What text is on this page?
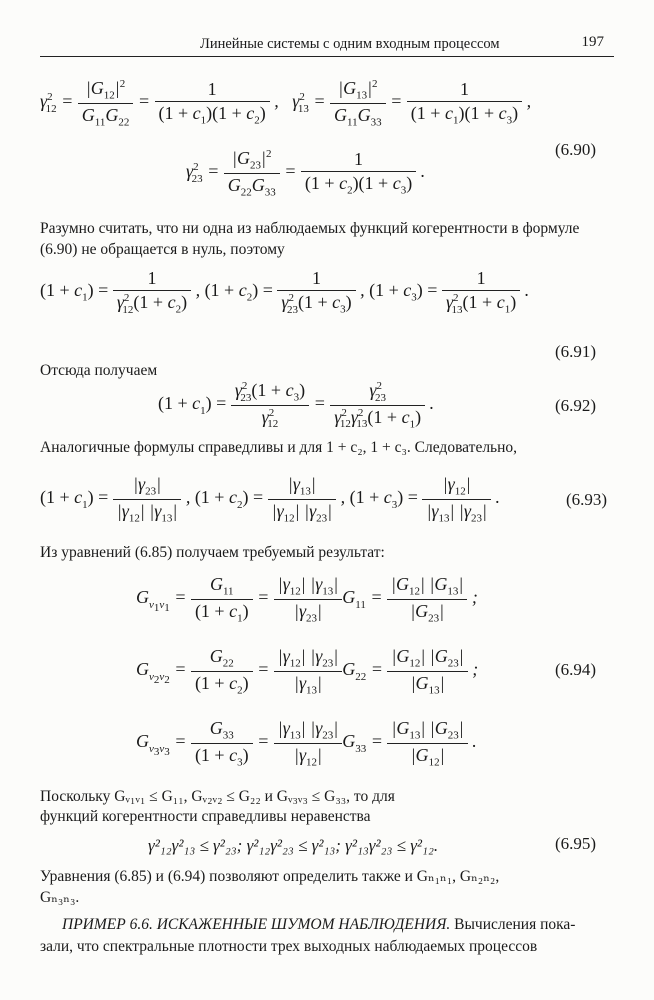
Линейные системы с одним входным процессом	197
$\gamma^2_{12} = \frac{|G_{12}|^2}{G_{11}G_{22}} = \frac{1}{(1 + c_1)(1 + c_2)}$ ,   $\gamma^2_{13} = \frac{|G_{13}|^2}{G_{11}G_{33}} = \frac{1}{(1 + c_1)(1 + c_3)}$ ,
$\gamma^2_{23} = \frac{|G_{23}|^2}{G_{22}G_{33}} = \frac{1}{(1 + c_2)(1 + c_3)}$ .
(6.90)
Разумно считать, что ни одна из наблюдаемых функций когерентности в формуле (6.90) не обращается в нуль, поэтому
$(1 + c_1) = \frac{1}{\gamma^2_{12}(1 + c_2)}$ , $(1 + c_2) = \frac{1}{\gamma^2_{23}(1 + c_3)}$ , $(1 + c_3) = \frac{1}{\gamma^2_{13}(1 + c_1)}$ .
(6.91)
Отсюда получаем
$(1 + c_1) = \frac{\gamma^2_{23}(1 + c_3)}{\gamma^2_{12}} = \frac{\gamma^2_{23}}{\gamma^2_{12}\gamma^2_{13}(1 + c_1)}$ .	(6.92)
Аналогичные формулы справедливы и для 1 + c₂, 1 + c₃. Следовательно,
$(1 + c_1) = \frac{|\gamma_{23}|}{|\gamma_{12}| |\gamma_{13}|}$ , $(1 + c_2) = \frac{|\gamma_{13}|}{|\gamma_{12}| |\gamma_{23}|}$ , $(1 + c_3) = \frac{|\gamma_{12}|}{|\gamma_{13}| |\gamma_{23}|}$ .	(6.93)
Из уравнений (6.85) получаем требуемый результат:
$G_{v_1v_1} = \frac{G_{11}}{(1 + c_1)} = \frac{|\gamma_{12}| |\gamma_{13}|}{|\gamma_{23}|} G_{11} = \frac{|G_{12}| |G_{13}|}{|G_{23}|}$ ;
$G_{v_2v_2} = \frac{G_{22}}{(1 + c_2)} = \frac{|\gamma_{12}| |\gamma_{23}|}{|\gamma_{13}|} G_{22} = \frac{|G_{12}| |G_{23}|}{|G_{13}|}$ ;	(6.94)
$G_{v_3v_3} = \frac{G_{33}}{(1 + c_3)} = \frac{|\gamma_{13}| |\gamma_{23}|}{|\gamma_{12}|} G_{33} = \frac{|G_{13}| |G_{23}|}{|G_{12}|}$ .
Поскольку Gᵥ₁ᵥ₁ ≤ G₁₁, Gᵥ₂ᵥ₂ ≤ G₂₂ и Gᵥ₃ᵥ₃ ≤ G₃₃, то для
функций когерентности справедливы неравенства
γ²₁₂γ²₁₃ ≤ γ²₂₃; γ²₁₂γ²₂₃ ≤ γ²₁₃; γ²₁₃γ²₂₃ ≤ γ²₁₂.	(6.95)
Уравнения (6.85) и (6.94) позволяют определить также и Gₙ₁ₙ₁, Gₙ₂ₙ₂,
Gₙ₃ₙ₃.
ПРИМЕР 6.6. ИСКАЖЕННЫЕ ШУМОМ НАБЛЮДЕНИЯ. Вычисления пока-
зали, что спектральные плотности трех выходных наблюдаемых процессов
